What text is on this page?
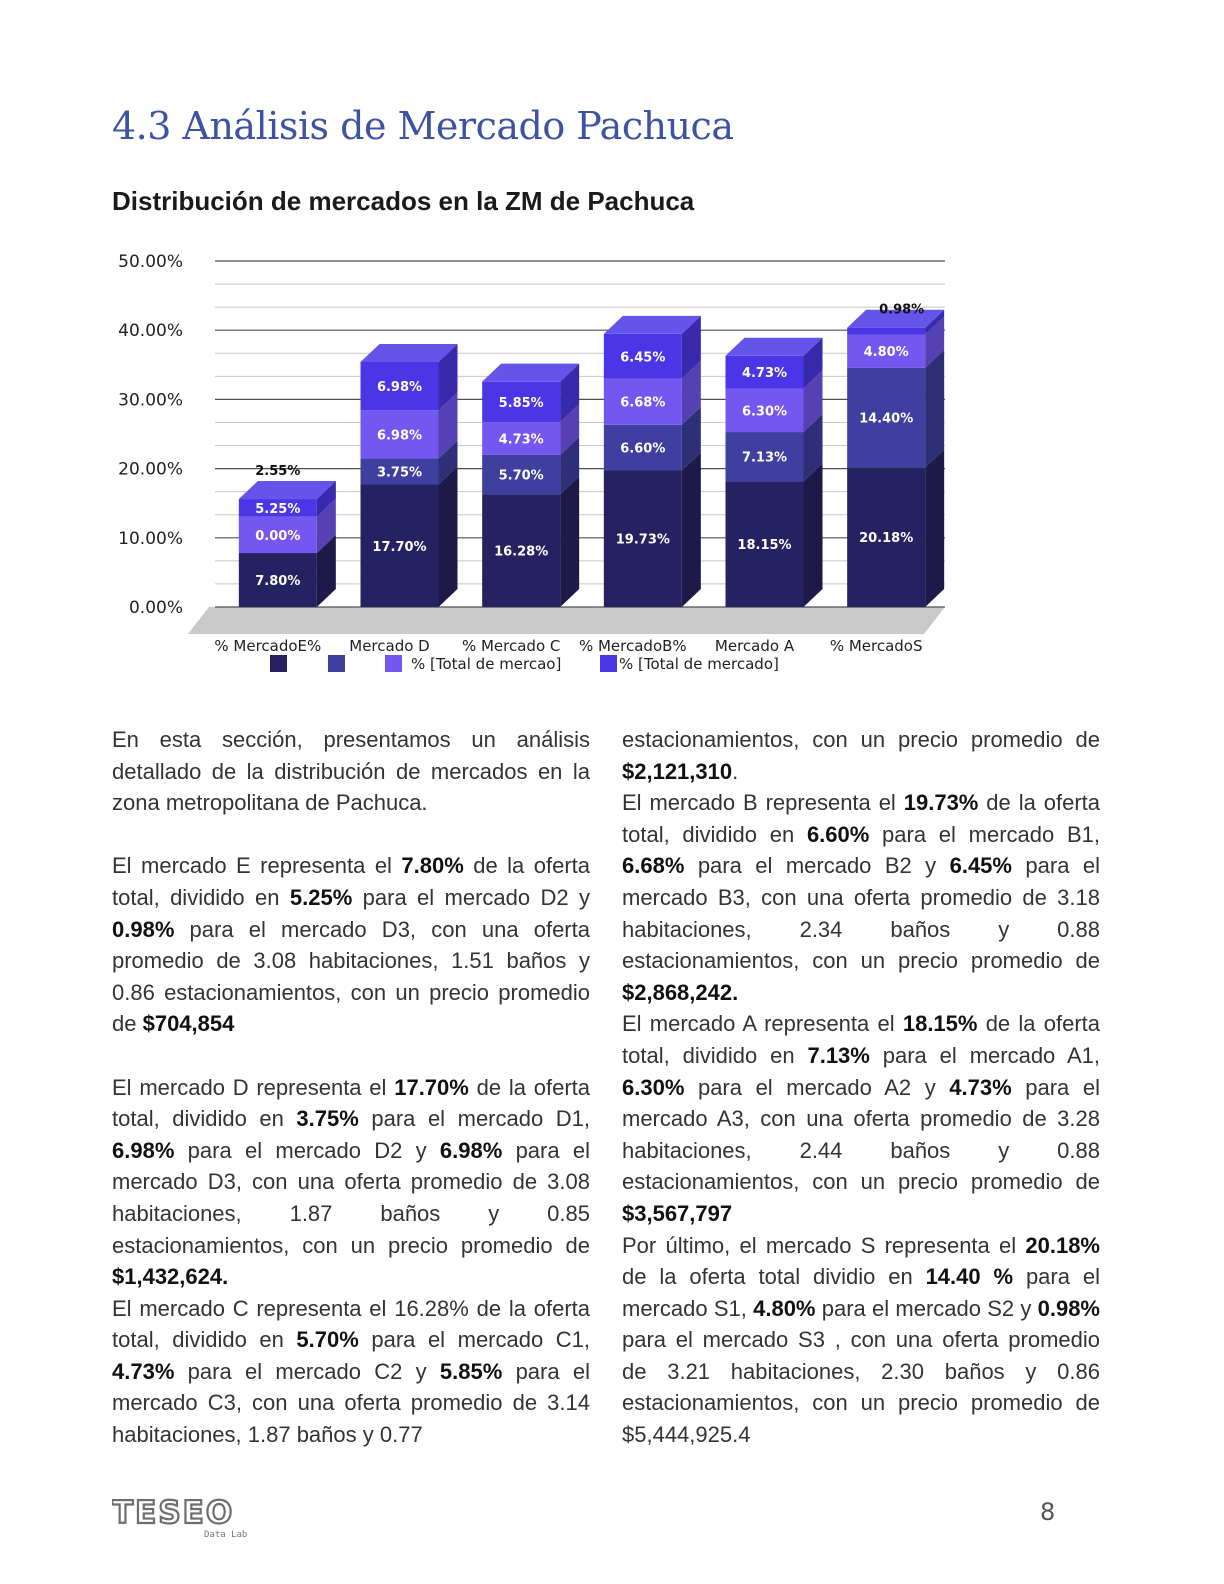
4.3 Análisis de Mercado Pachuca
Distribución de mercados en la ZM de Pachuca
0.00%
10.00%
20.00%
30.00%
40.00%
50.00%
7.80%
0.00%
5.25%
2.55%
% MercadoE%
17.70%
3.75%
6.98%
6.98%
Mercado D
16.28%
5.70%
4.73%
5.85%
% Mercado C
19.73%
6.60%
6.68%
6.45%
% MercadoB%
18.15%
7.13%
6.30%
4.73%
Mercado A
20.18%
14.40%
4.80%
0.98%
% MercadoS
% [Total de mercao]	% [Total de mercado]

En esta sección, presentamos un análisis detallado de la distribución de mercados en la zona metropolitana de Pachuca.

El mercado E representa el 7.80% de la oferta total, dividido en 5.25% para el mercado D2 y 0.98% para el mercado D3, con una oferta promedio de 3.08 habitaciones, 1.51 baños y 0.86 estacionamientos, con un precio promedio de $704,854

El mercado D representa el 17.70% de la oferta total, dividido en 3.75% para el mercado D1, 6.98% para el mercado D2 y 6.98% para el mercado D3, con una oferta promedio de 3.08 habitaciones, 1.87 baños y 0.85 estacionamientos, con un precio promedio de $1,432,624.

El mercado C representa el 16.28% de la oferta total, dividido en 5.70% para el mercado C1, 4.73% para el mercado C2 y 5.85% para el mercado C3, con una oferta promedio de 3.14 habitaciones, 1.87 baños y 0.77

estacionamientos, con un precio promedio de $2,121,310.

El mercado B representa el 19.73% de la oferta total, dividido en 6.60% para el mercado B1, 6.68% para el mercado B2 y 6.45% para el mercado B3, con una oferta promedio de 3.18 habitaciones, 2.34 baños y 0.88 estacionamientos, con un precio promedio de $2,868,242.

El mercado A representa el 18.15% de la oferta total, dividido en 7.13% para el mercado A1, 6.30% para el mercado A2 y 4.73% para el mercado A3, con una oferta promedio de 3.28 habitaciones, 2.44 baños y 0.88 estacionamientos, con un precio promedio de $3,567,797

Por último, el mercado S representa el 20.18% de la oferta total dividio en 14.40 % para el mercado S1, 4.80% para el mercado S2 y 0.98% para el mercado S3 , con una oferta promedio de 3.21 habitaciones, 2.30 baños y 0.86 estacionamientos, con un precio promedio de $5,444,925.4

TESEO
Data Lab
8
